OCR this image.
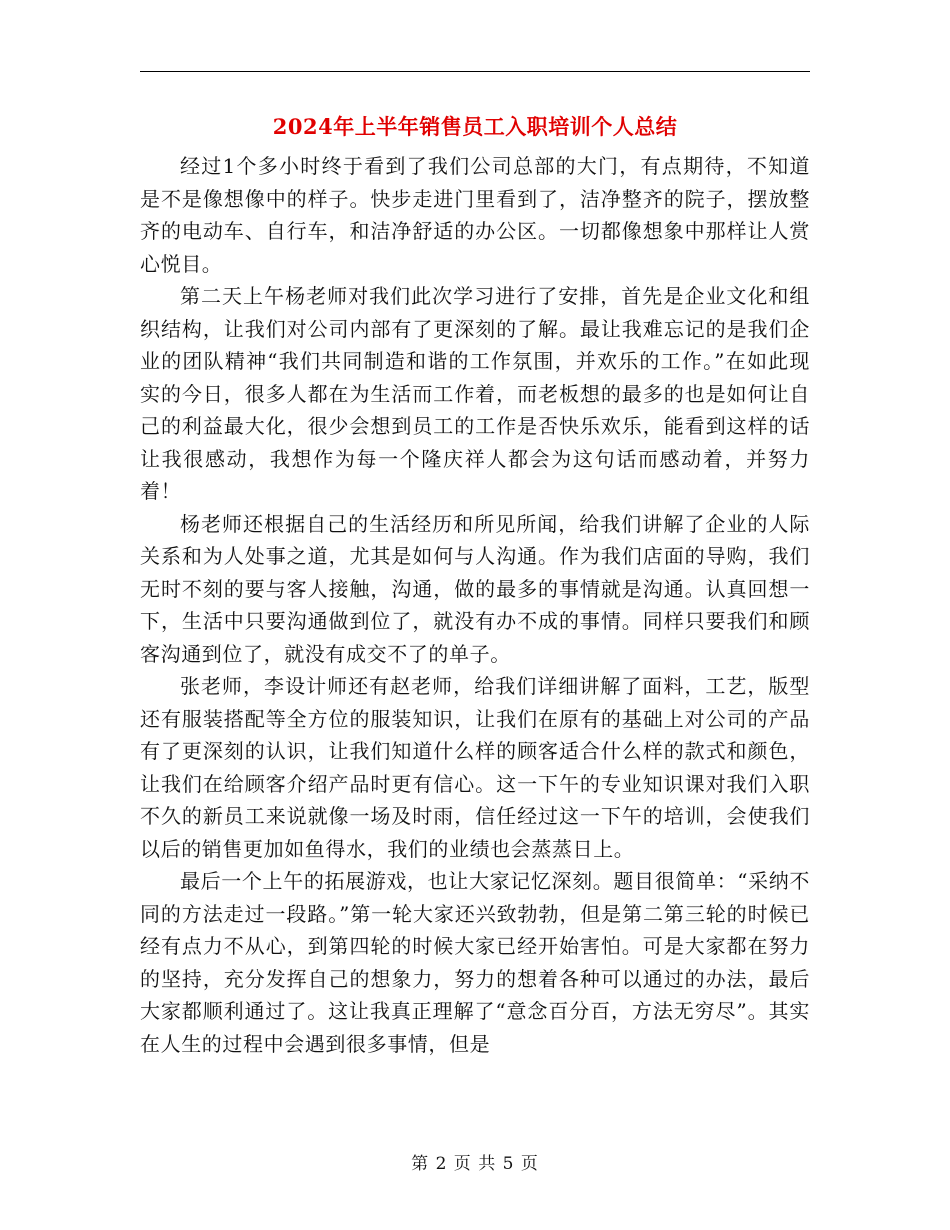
2024年上半年销售员工入职培训个人总结

经过1个多小时终于看到了我们公司总部的大门，有点期待，不知道是不是像想像中的样子。快步走进门里看到了，洁净整齐的院子，摆放整齐的电动车、自行车，和洁净舒适的办公区。一切都像想象中那样让人赏心悦目。

第二天上午杨老师对我们此次学习进行了安排，首先是企业文化和组织结构，让我们对公司内部有了更深刻的了解。最让我难忘记的是我们企业的团队精神“我们共同制造和谐的工作氛围，并欢乐的工作。”在如此现实的今日，很多人都在为生活而工作着，而老板想的最多的也是如何让自己的利益最大化，很少会想到员工的工作是否快乐欢乐，能看到这样的话让我很感动，我想作为每一个隆庆祥人都会为这句话而感动着，并努力着！

杨老师还根据自己的生活经历和所见所闻，给我们讲解了企业的人际关系和为人处事之道，尤其是如何与人沟通。作为我们店面的导购，我们无时不刻的要与客人接触，沟通，做的最多的事情就是沟通。认真回想一下，生活中只要沟通做到位了，就没有办不成的事情。同样只要我们和顾客沟通到位了，就没有成交不了的单子。

张老师，李设计师还有赵老师，给我们详细讲解了面料，工艺，版型还有服装搭配等全方位的服装知识，让我们在原有的基础上对公司的产品有了更深刻的认识，让我们知道什么样的顾客适合什么样的款式和颜色，让我们在给顾客介绍产品时更有信心。这一下午的专业知识课对我们入职不久的新员工来说就像一场及时雨，信任经过这一下午的培训，会使我们以后的销售更加如鱼得水，我们的业绩也会蒸蒸日上。

最后一个上午的拓展游戏，也让大家记忆深刻。题目很简单：“采纳不同的方法走过一段路。”第一轮大家还兴致勃勃，但是第二第三轮的时候已经有点力不从心，到第四轮的时候大家已经开始害怕。可是大家都在努力的坚持，充分发挥自己的想象力，努力的想着各种可以通过的办法，最后大家都顺利通过了。这让我真正理解了“意念百分百，方法无穷尽”。其实在人生的过程中会遇到很多事情，但是

第 2 页 共 5 页
